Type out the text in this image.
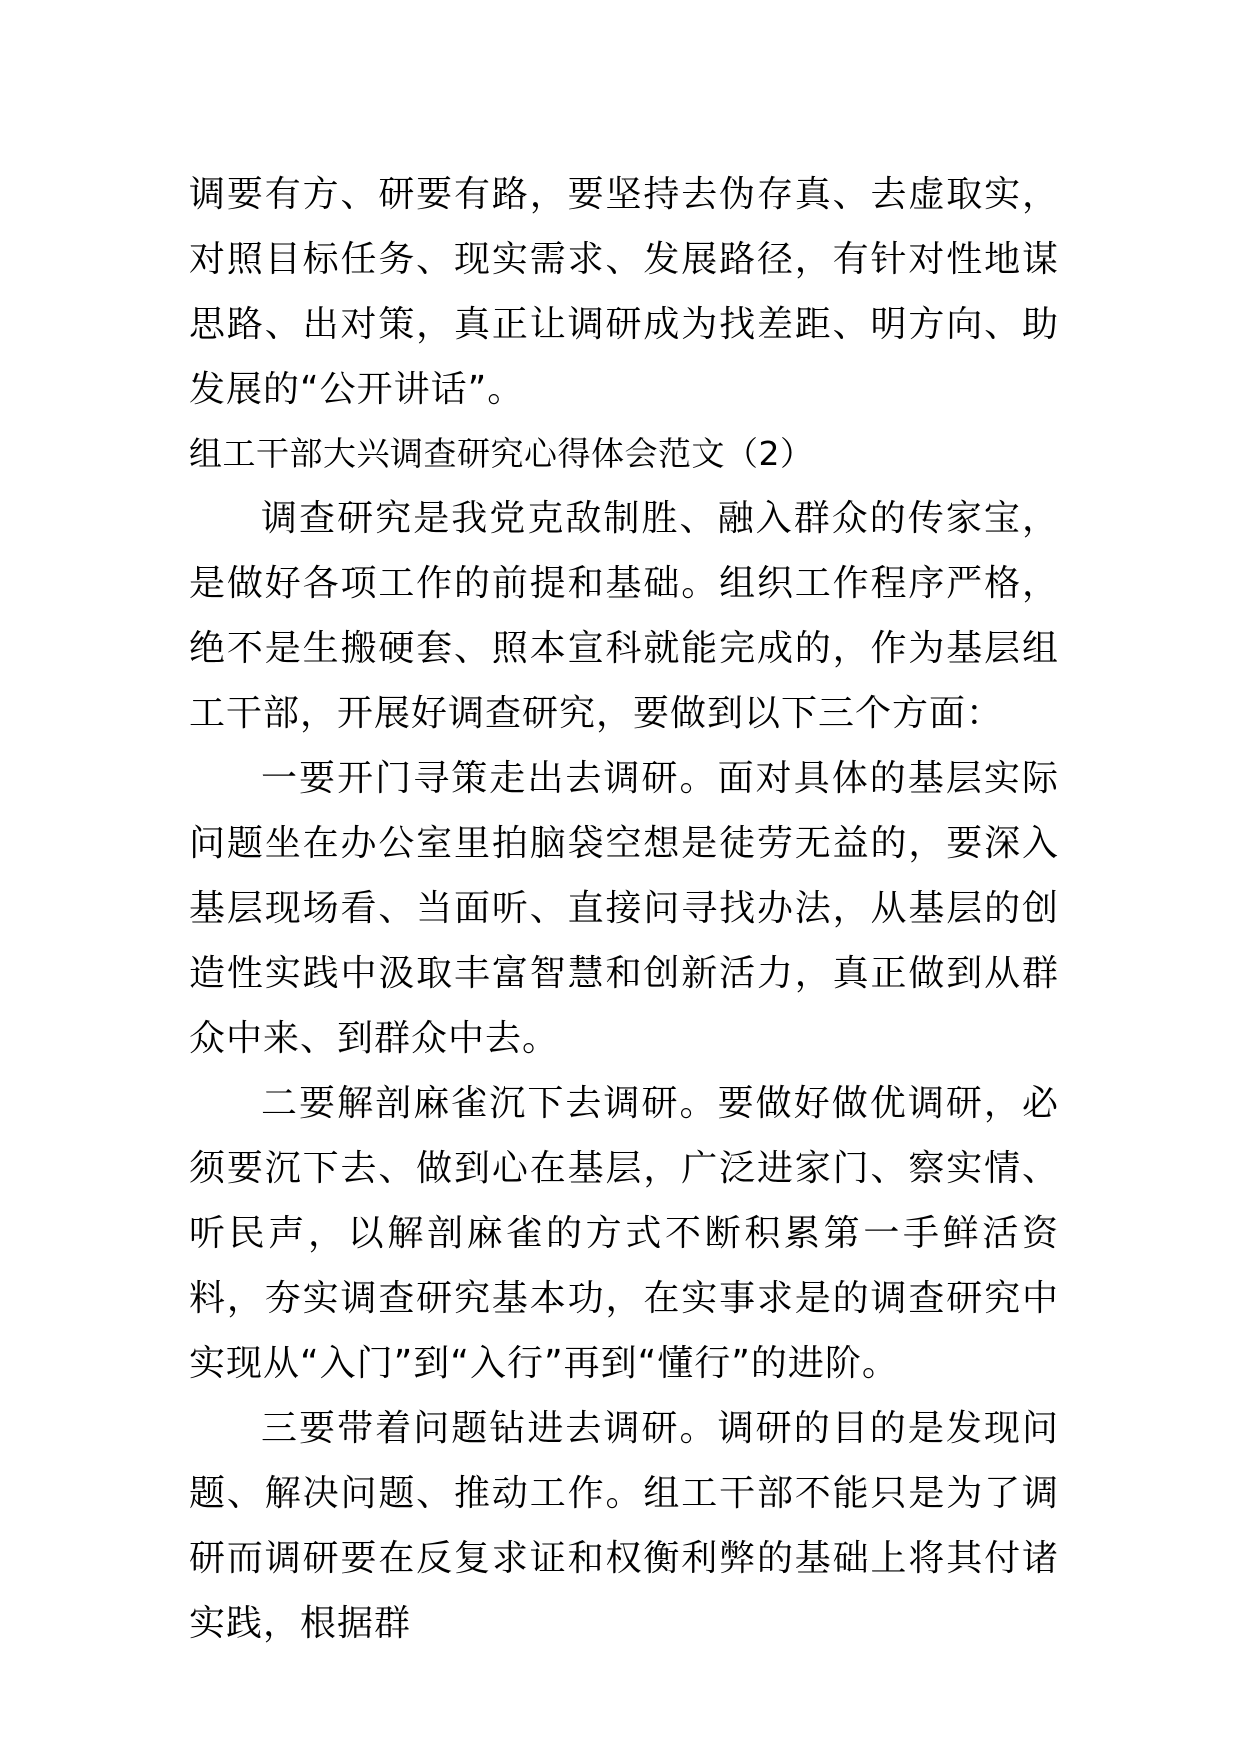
调要有方、研要有路，要坚持去伪存真、去虚取实，对照目标任务、现实需求、发展路径，有针对性地谋思路、出对策，真正让调研成为找差距、明方向、助发展的“公开讲话”。

组工干部大兴调查研究心得体会范文（2）

调查研究是我党克敌制胜、融入群众的传家宝，是做好各项工作的前提和基础。组织工作程序严格，绝不是生搬硬套、照本宣科就能完成的，作为基层组工干部，开展好调查研究，要做到以下三个方面：

一要开门寻策走出去调研。面对具体的基层实际问题坐在办公室里拍脑袋空想是徒劳无益的，要深入基层现场看、当面听、直接问寻找办法，从基层的创造性实践中汲取丰富智慧和创新活力，真正做到从群众中来、到群众中去。

二要解剖麻雀沉下去调研。要做好做优调研，必须要沉下去、做到心在基层，广泛进家门、察实情、听民声，以解剖麻雀的方式不断积累第一手鲜活资料，夯实调查研究基本功，在实事求是的调查研究中实现从“入门”到“入行”再到“懂行”的进阶。

三要带着问题钻进去调研。调研的目的是发现问题、解决问题、推动工作。组工干部不能只是为了调研而调研要在反复求证和权衡利弊的基础上将其付诸实践，根据群
